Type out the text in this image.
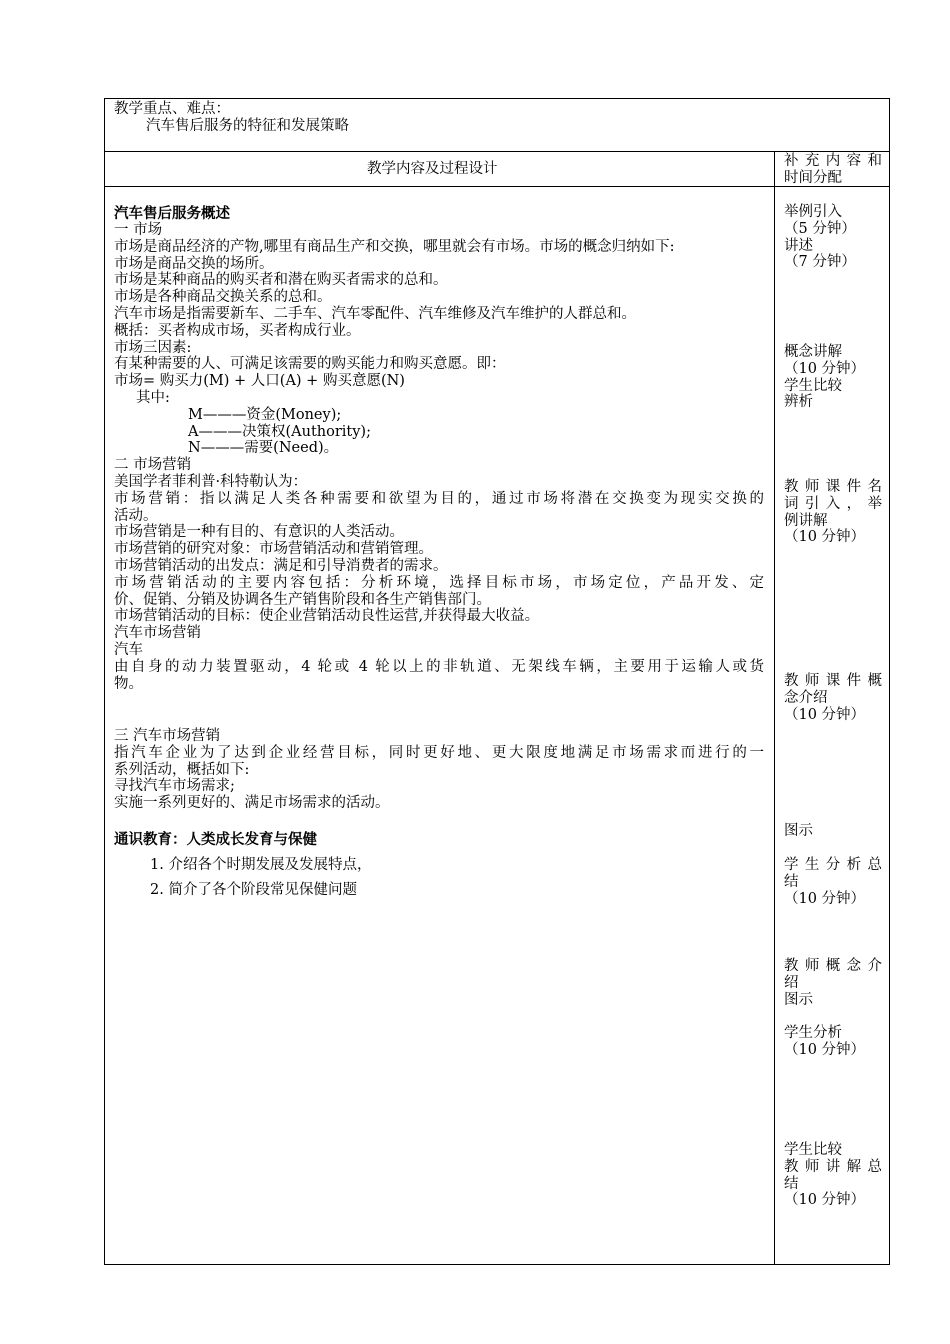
教学重点、难点：
汽车售后服务的特征和发展策略
教学内容及过程设计	补充内容和
时间分配
汽车售后服务概述
一 市场
市场是商品经济的产物,哪里有商品生产和交换，哪里就会有市场。市场的概念归纳如下:
市场是商品交换的场所。
市场是某种商品的购买者和潜在购买者需求的总和。
市场是各种商品交换关系的总和。
汽车市场是指需要新车、二手车、汽车零配件、汽车维修及汽车维护的人群总和。
概括：买者构成市场，买者构成行业。
市场三因素:
有某种需要的人、可满足该需要的购买能力和购买意愿。即：
市场= 购买力(M) + 人口(A) + 购买意愿(N)
其中:
M———资金(Money);
A———决策权(Authority);
N———需要(Need)。
二 市场营销
美国学者菲利普·科特勒认为：
市场营销：指以满足人类各种需要和欲望为目的，通过市场将潜在交换变为现实交换的
活动。
市场营销是一种有目的、有意识的人类活动。
市场营销的研究对象：市场营销活动和营销管理。
市场营销活动的出发点：满足和引导消费者的需求。
市场营销活动的主要内容包括：分析环境，选择目标市场，市场定位，产品开发、定
价、促销、分销及协调各生产销售阶段和各生产销售部门。
市场营销活动的目标：使企业营销活动良性运营,并获得最大收益。
汽车市场营销
汽车
由自身的动力装置驱动，4 轮或 4 轮以上的非轨道、无架线车辆，主要用于运输人或货
物。
三 汽车市场营销
指汽车企业为了达到企业经营目标，同时更好地、更大限度地满足市场需求而进行的一
系列活动，概括如下:
寻找汽车市场需求;
实施一系列更好的、满足市场需求的活动。
通识教育：人类成长发育与保健
1. 介绍各个时期发展及发展特点，
2. 简介了各个阶段常见保健问题
举例引入
（5 分钟）
讲述
（7 分钟）
概念讲解
（10 分钟）
学生比较
辨析
教师课件名
词引入，举
例讲解
（10 分钟）
教师课件概
念介绍
（10 分钟）
图示
学生分析总
结
（10 分钟）
教师概念介
绍
图示
学生分析
（10 分钟）
学生比较
教师讲解总
结
（10 分钟）
